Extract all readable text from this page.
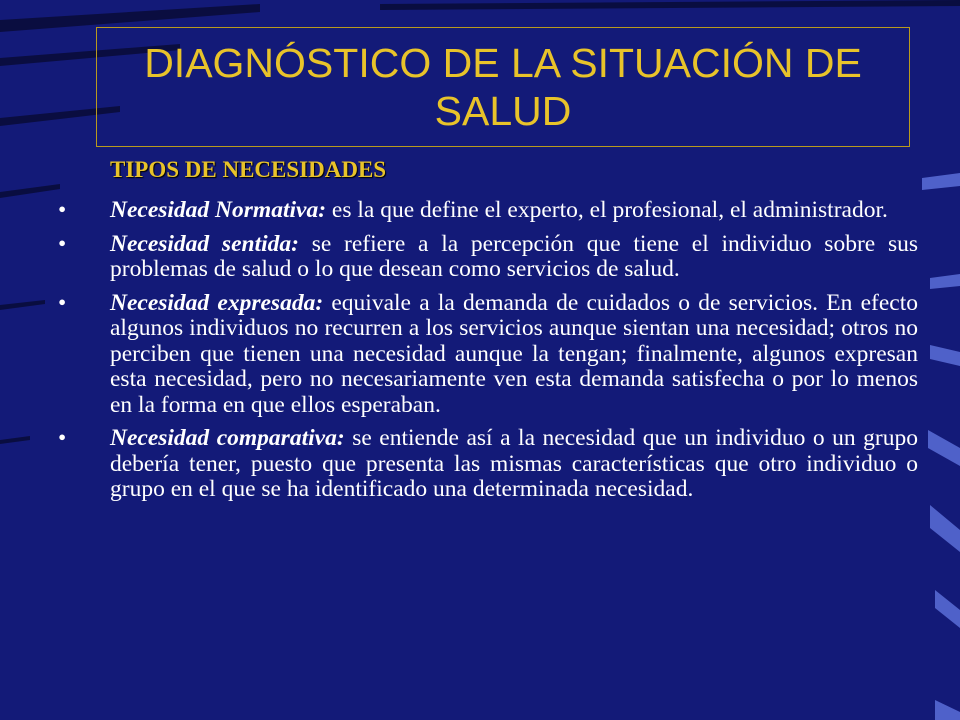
DIAGNÓSTICO DE LA SITUACIÓN DE SALUD
TIPOS DE NECESIDADES
• Necesidad Normativa: es la que define el experto, el profesional, el administrador.
• Necesidad sentida: se refiere a la percepción que tiene el individuo sobre sus problemas de salud o lo que desean como servicios de salud.
• Necesidad expresada: equivale a la demanda de cuidados o de servicios. En efecto algunos individuos no recurren a los servicios aunque sientan una necesidad; otros no perciben que tienen una necesidad aunque la tengan; finalmente, algunos expresan esta necesidad, pero no necesariamente ven esta demanda satisfecha o por lo menos en la forma en que ellos esperaban.
• Necesidad comparativa: se entiende así a la necesidad que un individuo o un grupo debería tener, puesto que presenta las mismas características que otro individuo o grupo en el que se ha identificado una determinada necesidad.
